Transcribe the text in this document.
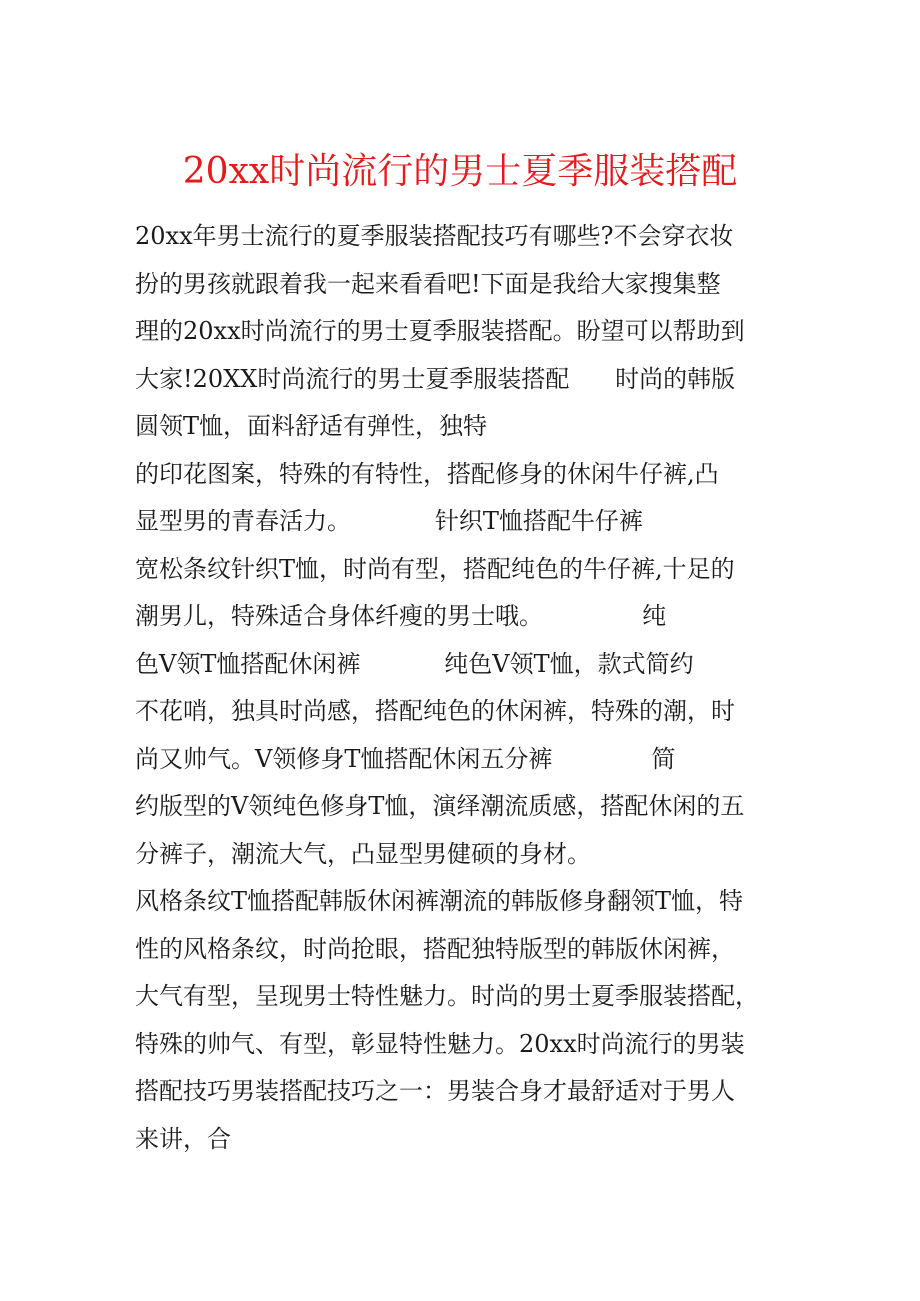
20xx时尚流行的男士夏季服装搭配
20xx年男士流行的夏季服装搭配技巧有哪些?不会穿衣妆
扮的男孩就跟着我一起来看看吧!下面是我给大家搜集整
理的20xx时尚流行的男士夏季服装搭配。盼望可以帮助到
大家!20XX时尚流行的男士夏季服装搭配      时尚的韩版
圆领T恤，面料舒适有弹性，独特
的印花图案，特殊的有特性，搭配修身的休闲牛仔裤,凸
显型男的青春活力。           针织T恤搭配牛仔裤
宽松条纹针织T恤，时尚有型，搭配纯色的牛仔裤,十足的
潮男儿，特殊适合身体纤瘦的男士哦。             纯
色V领T恤搭配休闲裤           纯色V领T恤，款式简约
不花哨，独具时尚感，搭配纯色的休闲裤，特殊的潮，时
尚又帅气。V领修身T恤搭配休闲五分裤             简
约版型的V领纯色修身T恤，演绎潮流质感，搭配休闲的五
分裤子，潮流大气，凸显型男健硕的身材。
风格条纹T恤搭配韩版休闲裤潮流的韩版修身翻领T恤，特
性的风格条纹，时尚抢眼，搭配独特版型的韩版休闲裤，
大气有型，呈现男士特性魅力。时尚的男士夏季服装搭配，
特殊的帅气、有型，彰显特性魅力。20xx时尚流行的男装
搭配技巧男装搭配技巧之一：男装合身才最舒适对于男人
来讲，合
